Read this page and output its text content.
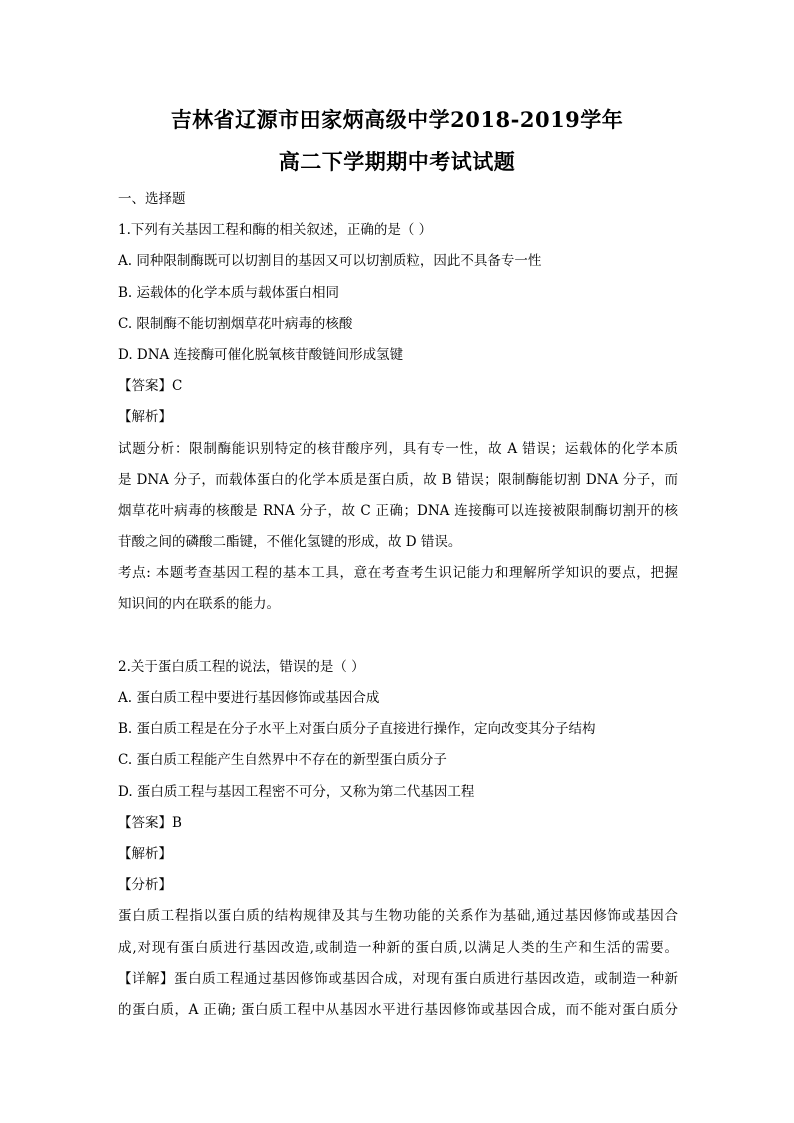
吉林省辽源市田家炳高级中学2018-2019学年
高二下学期期中考试试题
一、选择题
1.下列有关基因工程和酶的相关叙述，正确的是（ ）
A. 同种限制酶既可以切割目的基因又可以切割质粒，因此不具备专一性
B. 运载体的化学本质与载体蛋白相同
C. 限制酶不能切割烟草花叶病毒的核酸
D. DNA 连接酶可催化脱氧核苷酸链间形成氢键
【答案】C
【解析】
试题分析：限制酶能识别特定的核苷酸序列，具有专一性，故 A 错误；运载体的化学本质
是 DNA 分子，而载体蛋白的化学本质是蛋白质，故 B 错误；限制酶能切割 DNA 分子，而
烟草花叶病毒的核酸是 RNA 分子，故 C 正确；DNA 连接酶可以连接被限制酶切割开的核
苷酸之间的磷酸二酯键，不催化氢键的形成，故 D 错误。
考点: 本题考查基因工程的基本工具，意在考查考生识记能力和理解所学知识的要点，把握
知识间的内在联系的能力。
2.关于蛋白质工程的说法，错误的是（ ）
A. 蛋白质工程中要进行基因修饰或基因合成
B. 蛋白质工程是在分子水平上对蛋白质分子直接进行操作，定向改变其分子结构
C. 蛋白质工程能产生自然界中不存在的新型蛋白质分子
D. 蛋白质工程与基因工程密不可分，又称为第二代基因工程
【答案】B
【解析】
【分析】
蛋白质工程指以蛋白质的结构规律及其与生物功能的关系作为基础,通过基因修饰或基因合
成,对现有蛋白质进行基因改造,或制造一种新的蛋白质,以满足人类的生产和生活的需要。
【详解】蛋白质工程通过基因修饰或基因合成，对现有蛋白质进行基因改造，或制造一种新
的蛋白质，A 正确; 蛋白质工程中从基因水平进行基因修饰或基因合成，而不能对蛋白质分
